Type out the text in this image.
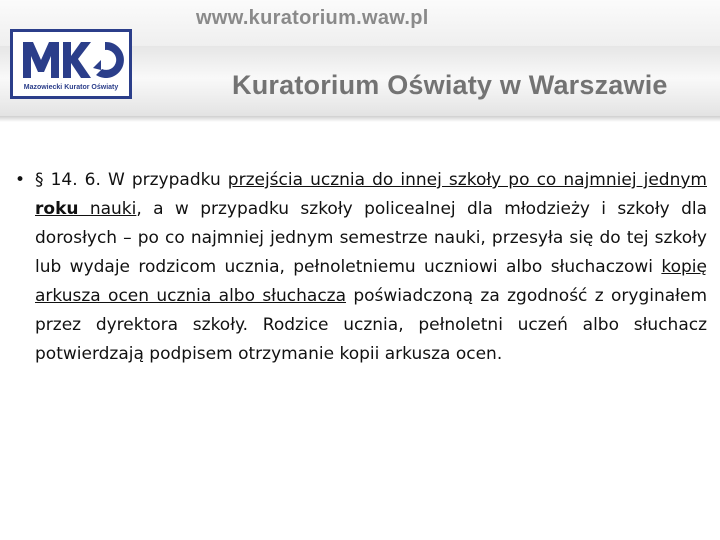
www.kuratorium.waw.pl
Kuratorium Oświaty w Warszawie
Mazowiecki Kurator Oświaty

• § 14. 6. W przypadku przejścia ucznia do innej szkoły po co najmniej jednym roku nauki, a w przypadku szkoły policealnej dla młodzieży i szkoły dla dorosłych – po co najmniej jednym semestrze nauki, przesyła się do tej szkoły lub wydaje rodzicom ucznia, pełnoletniemu uczniowi albo słuchaczowi kopię arkusza ocen ucznia albo słuchacza poświadczoną za zgodność z oryginałem przez dyrektora szkoły. Rodzice ucznia, pełnoletni uczeń albo słuchacz potwierdzają podpisem otrzymanie kopii arkusza ocen.
